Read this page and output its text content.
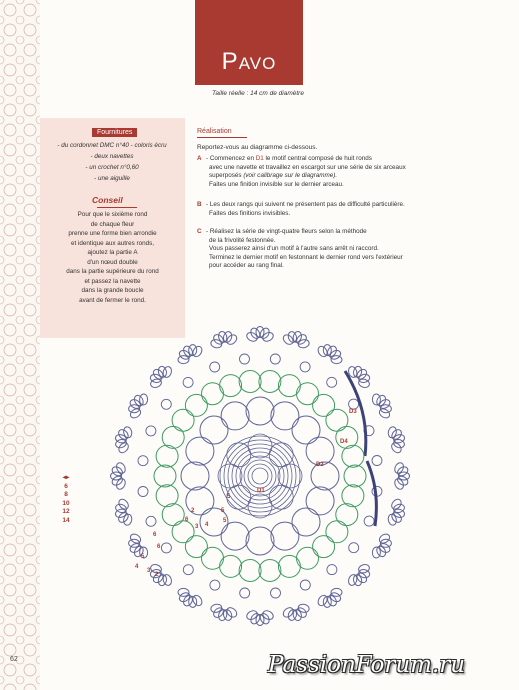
PAVO
Taille réelle : 14 cm de diamètre
Fournitures
- du cordonnet DMC n°40 - coloris écru
- deux navettes
- un crochet n°0,60
- une aiguille
Conseil
Pour que le sixième rond
de chaque fleur
prenne une forme bien arrondie
et identique aux autres ronds,
ajoutez la partie A
d'un nœud double
dans la partie supérieure du rond
et passez la navette
dans la grande boucle
avant de fermer le rond.
Réalisation
Reportez-vous au diagramme ci-dessous.
A - Commencez en D1 le motif central composé de huit ronds
avec une navette et travaillez en escargot sur une série de six arceaux
superposés (voir calibrage sur le diagramme).
Faites une finition invisible sur le dernier arceau.
B - Les deux rangs qui suivent ne présentent pas de difficulté particulière.
Faites des finitions invisibles.
C - Réalisez la série de vingt-quatre fleurs selon la méthode
de la frivolité festonnée.
Vous passerez ainsi d'un motif à l'autre sans arrêt ni raccord.
Terminez le dernier motif en festonnant le dernier rond vers l'extérieur
pour accéder au rang final.
◂▸
6
8
10
12
14
D3
D4
D2
D1
5
5
5
4
3
2
6
6
6
5
4
3
2
62	PassionForum.ru
